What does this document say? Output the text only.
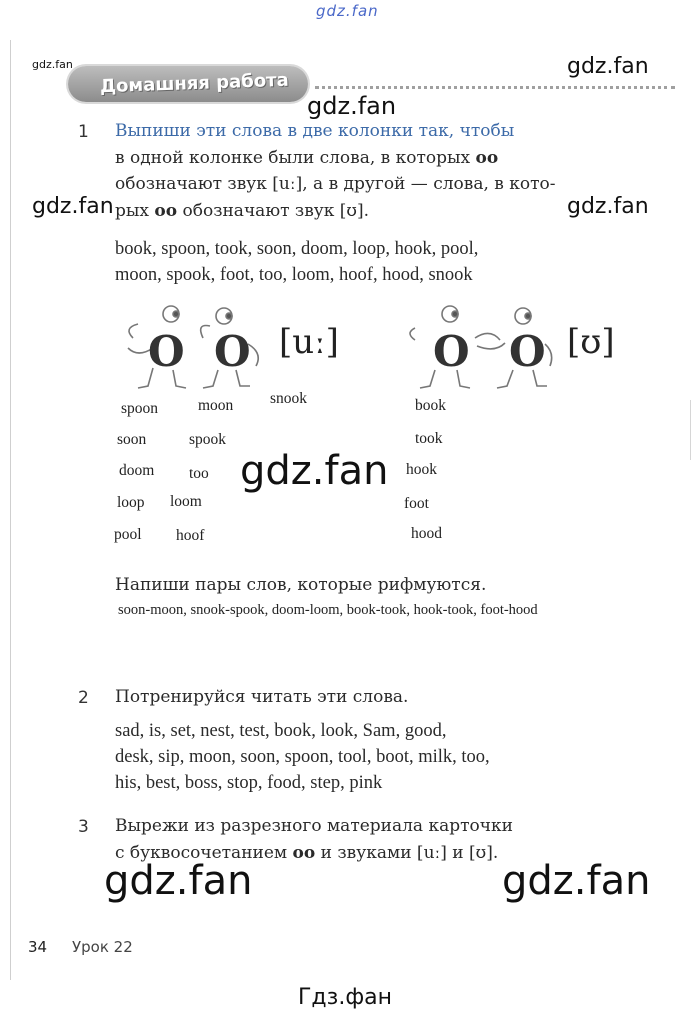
gdz.fan
gdz.fan	gdz.fan
gdz.fan
gdz.fan	gdz.fan
Домашняя работа
1 Выпиши эти слова в две колонки так, чтобы
в одной колонке были слова, в которых oo
обозначают звук [uː], а в другой — слова, в кото-
рых oo обозначают звук [ʊ].
book, spoon, took, soon, doom, loop, hook, pool,
moon, spook, foot, too, loom, hoof, hood, snook
O O [uː] O O [ʊ]
spoon	moon snook
soon	spook
doom too
loop loom
pool hoof
book
took
hook
foot
hood
gdz.fan
Напиши пары слов, которые рифмуются.
soon-moon, snook-spook, doom-loom, book-took, hook-took, foot-hood
2 Потренируйся читать эти слова.
sad, is, set, nest, test, book, look, Sam, good,
desk, sip, moon, soon, spoon, tool, boot, milk, too,
his, best, boss, stop, food, step, pink
3 Вырежи из разрезного материала карточки
с буквосочетанием oo и звуками [uː] и [ʊ].
gdz.fan	gdz.fan
34 Урок 22
Гдз.фан
